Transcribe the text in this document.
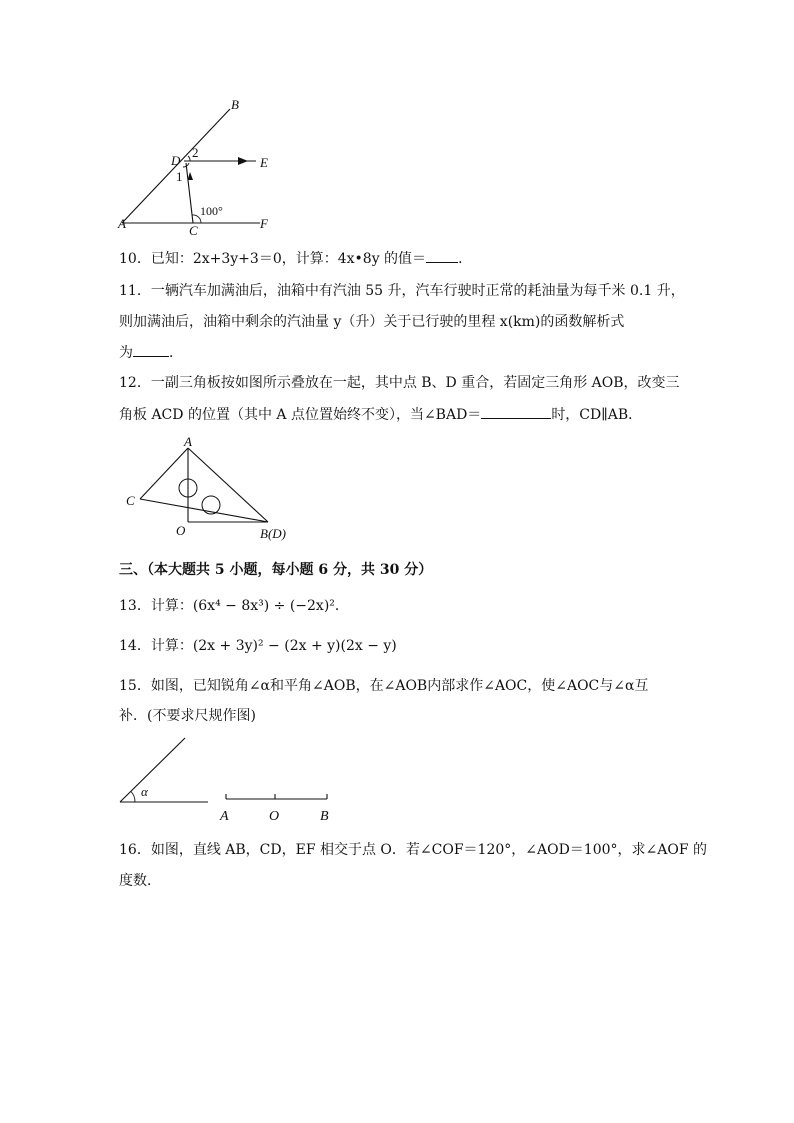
B
D
2
1
E
A	C	F
100°
10．已知：2x+3y+3＝0，计算：4x•8y 的值＝ ．
11．一辆汽车加满油后，油箱中有汽油 55 升，汽车行驶时正常的耗油量为每千米 0.1 升，
则加满油后，油箱中剩余的汽油量 y（升）关于已行驶的里程 x(km)的函数解析式
为	．
12．一副三角板按如图所示叠放在一起，其中点 B、D 重合，若固定三角形 AOB，改变三
角板 ACD 的位置（其中 A 点位置始终不变），当∠BAD＝	时，CD∥AB．
A
C
O	B(D)
三、（本大题共 5 小题，每小题 6 分，共 30 分）
13．计算：(6x⁴ − 8x³) ÷ (−2x)²．
14．计算：(2x + 3y)² − (2x + y)(2x − y)
15．如图，已知锐角∠α和平角∠AOB，在∠AOB内部求作∠AOC，使∠AOC与∠α互
补．(不要求尺规作图)
α
A	O	B
16．如图，直线 AB，CD，EF 相交于点 O．若∠COF＝120°，∠AOD＝100°，求∠AOF 的
度数．
